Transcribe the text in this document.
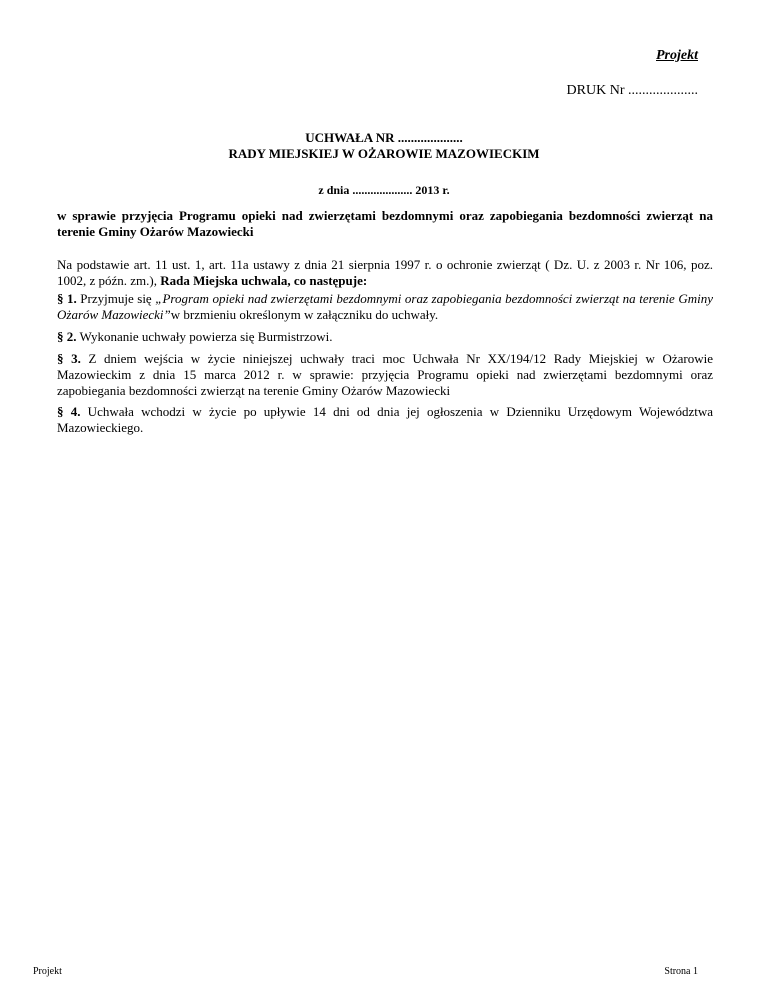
Projekt
DRUK Nr ....................
UCHWAŁA NR ....................
RADY MIEJSKIEJ W OŻAROWIE MAZOWIECKIM
z dnia .................... 2013 r.
w sprawie przyjęcia Programu opieki nad zwierzętami bezdomnymi oraz zapobiegania bezdomności zwierząt na terenie Gminy Ożarów Mazowiecki
Na podstawie art. 11 ust. 1, art. 11a ustawy z dnia 21 sierpnia 1997 r. o ochronie zwierząt ( Dz. U. z 2003 r. Nr 106, poz. 1002, z późn. zm.), Rada Miejska uchwala, co następuje:
§ 1. Przyjmuje się „Program opieki nad zwierzętami bezdomnymi oraz zapobiegania bezdomności zwierząt na terenie Gminy Ożarów Mazowiecki”w brzmieniu określonym w załączniku do uchwały.
§ 2. Wykonanie uchwały powierza się Burmistrzowi.
§ 3. Z dniem wejścia w życie niniejszej uchwały traci moc Uchwała Nr XX/194/12 Rady Miejskiej w Ożarowie Mazowieckim z dnia 15 marca 2012 r. w sprawie: przyjęcia Programu opieki nad zwierzętami bezdomnymi oraz zapobiegania bezdomności zwierząt na terenie Gminy Ożarów Mazowiecki
§ 4. Uchwała wchodzi w życie po upływie 14 dni od dnia jej ogłoszenia w Dzienniku Urzędowym Województwa Mazowieckiego.
Projekt	Strona 1
